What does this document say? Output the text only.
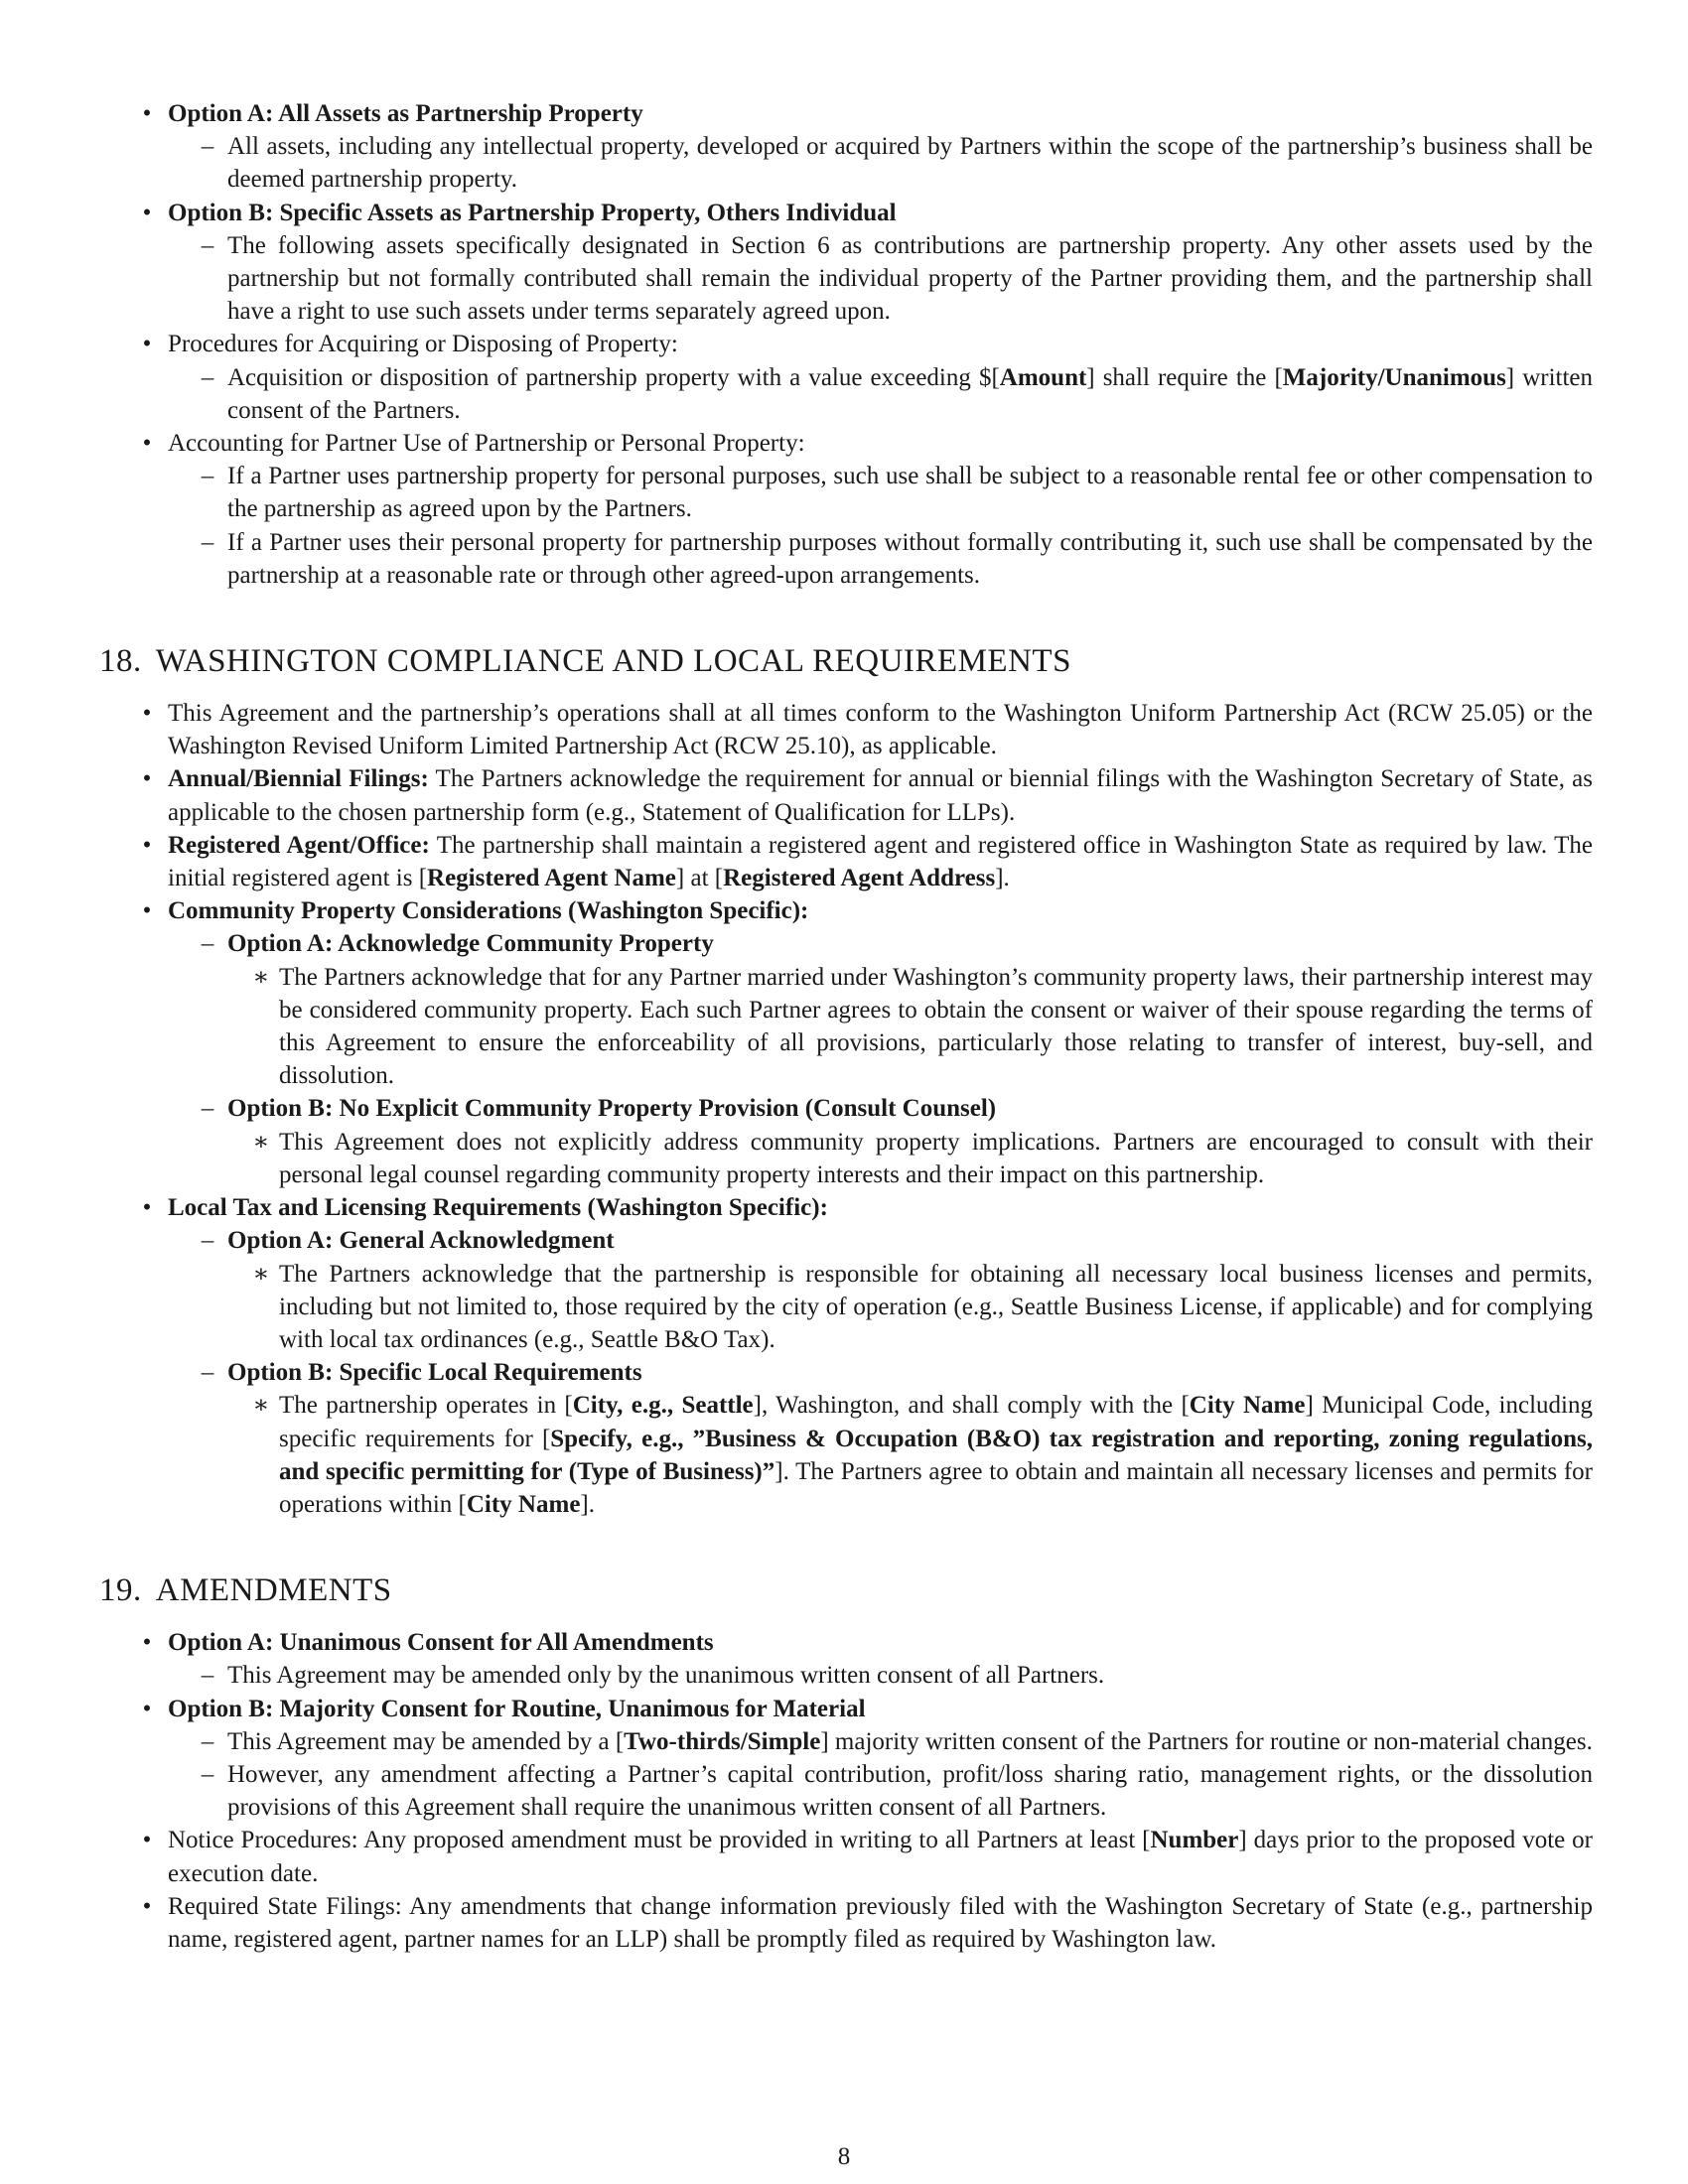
• Option A: All Assets as Partnership Property
– All assets, including any intellectual property, developed or acquired by Partners within the scope of the partnership’s business shall be deemed partnership property.
• Option B: Specific Assets as Partnership Property, Others Individual
– The following assets specifically designated in Section 6 as contributions are partnership property. Any other assets used by the partnership but not formally contributed shall remain the individual property of the Partner providing them, and the partnership shall have a right to use such assets under terms separately agreed upon.
• Procedures for Acquiring or Disposing of Property:
– Acquisition or disposition of partnership property with a value exceeding $[Amount] shall require the [Majority/Unanimous] written consent of the Partners.
• Accounting for Partner Use of Partnership or Personal Property:
– If a Partner uses partnership property for personal purposes, such use shall be subject to a reasonable rental fee or other compensation to the partnership as agreed upon by the Partners.
– If a Partner uses their personal property for partnership purposes without formally contributing it, such use shall be compensated by the partnership at a reasonable rate or through other agreed-upon arrangements.
18. WASHINGTON COMPLIANCE AND LOCAL REQUIREMENTS
• This Agreement and the partnership’s operations shall at all times conform to the Washington Uniform Partnership Act (RCW 25.05) or the Washington Revised Uniform Limited Partnership Act (RCW 25.10), as applicable.
• Annual/Biennial Filings: The Partners acknowledge the requirement for annual or biennial filings with the Washington Secretary of State, as applicable to the chosen partnership form (e.g., Statement of Qualification for LLPs).
• Registered Agent/Office: The partnership shall maintain a registered agent and registered office in Washington State as required by law. The initial registered agent is [Registered Agent Name] at [Registered Agent Address].
• Community Property Considerations (Washington Specific):
– Option A: Acknowledge Community Property
∗ The Partners acknowledge that for any Partner married under Washington’s community property laws, their partnership interest may be considered community property. Each such Partner agrees to obtain the consent or waiver of their spouse regarding the terms of this Agreement to ensure the enforceability of all provisions, particularly those relating to transfer of interest, buy-sell, and dissolution.
– Option B: No Explicit Community Property Provision (Consult Counsel)
∗ This Agreement does not explicitly address community property implications. Partners are encouraged to consult with their personal legal counsel regarding community property interests and their impact on this partnership.
• Local Tax and Licensing Requirements (Washington Specific):
– Option A: General Acknowledgment
∗ The Partners acknowledge that the partnership is responsible for obtaining all necessary local business licenses and permits, including but not limited to, those required by the city of operation (e.g., Seattle Business License, if applicable) and for complying with local tax ordinances (e.g., Seattle B&O Tax).
– Option B: Specific Local Requirements
∗ The partnership operates in [City, e.g., Seattle], Washington, and shall comply with the [City Name] Municipal Code, including specific requirements for [Specify, e.g., ”Business & Occupation (B&O) tax registration and reporting, zoning regulations, and specific permitting for (Type of Business)”]. The Partners agree to obtain and maintain all necessary licenses and permits for operations within [City Name].
19. AMENDMENTS
• Option A: Unanimous Consent for All Amendments
– This Agreement may be amended only by the unanimous written consent of all Partners.
• Option B: Majority Consent for Routine, Unanimous for Material
– This Agreement may be amended by a [Two-thirds/Simple] majority written consent of the Partners for routine or non-material changes.
– However, any amendment affecting a Partner’s capital contribution, profit/loss sharing ratio, management rights, or the dissolution provisions of this Agreement shall require the unanimous written consent of all Partners.
• Notice Procedures: Any proposed amendment must be provided in writing to all Partners at least [Number] days prior to the proposed vote or execution date.
• Required State Filings: Any amendments that change information previously filed with the Washington Secretary of State (e.g., partnership name, registered agent, partner names for an LLP) shall be promptly filed as required by Washington law.
8
